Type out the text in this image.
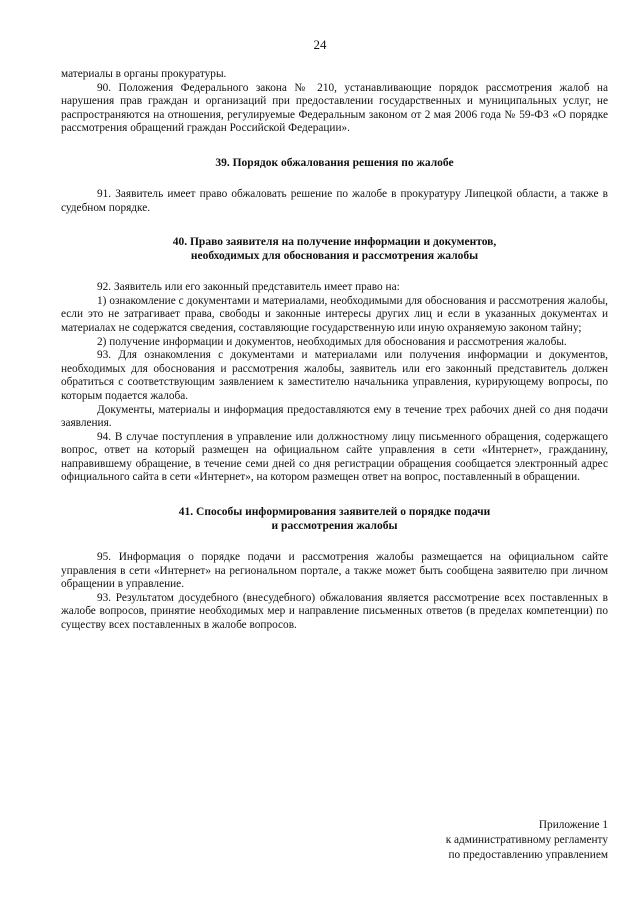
24

материалы в органы прокуратуры.

90. Положения Федерального закона № 210, устанавливающие порядок рассмотрения жалоб на нарушения прав граждан и организаций при предоставлении государственных и муниципальных услуг, не распространяются на отношения, регулируемые Федеральным законом от 2 мая 2006 года № 59-ФЗ «О порядке рассмотрения обращений граждан Российской Федерации».

39. Порядок обжалования решения по жалобе

91. Заявитель имеет право обжаловать решение по жалобе в прокуратуру Липецкой области, а также в судебном порядке.

40. Право заявителя на получение информации и документов,
необходимых для обоснования и рассмотрения жалобы

92. Заявитель или его законный представитель имеет право на:

1) ознакомление с документами и материалами, необходимыми для обоснования и рассмотрения жалобы, если это не затрагивает права, свободы и законные интересы других лиц и если в указанных документах и материалах не содержатся сведения, составляющие государственную или иную охраняемую законом тайну;

2) получение информации и документов, необходимых для обоснования и рассмотрения жалобы.

93. Для ознакомления с документами и материалами или получения информации и документов, необходимых для обоснования и рассмотрения жалобы, заявитель или его законный представитель должен обратиться с соответствующим заявлением к заместителю начальника управления, курирующему вопросы, по которым подается жалоба.

Документы, материалы и информация предоставляются ему в течение трех рабочих дней со дня подачи заявления.

94. В случае поступления в управление или должностному лицу письменного обращения, содержащего вопрос, ответ на который размещен на официальном сайте управления в сети «Интернет», гражданину, направившему обращение, в течение семи дней со дня регистрации обращения сообщается электронный адрес официального сайта в сети «Интернет», на котором размещен ответ на вопрос, поставленный в обращении.

41. Способы информирования заявителей о порядке подачи
и рассмотрения жалобы

95. Информация о порядке подачи и рассмотрения жалобы размещается на официальном сайте управления в сети «Интернет» на региональном портале, а также может быть сообщена заявителю при личном обращении в управление.

93. Результатом досудебного (внесудебного) обжалования является рассмотрение всех поставленных в жалобе вопросов, принятие необходимых мер и направление письменных ответов (в пределах компетенции) по существу всех поставленных в жалобе вопросов.

Приложение 1
к административному регламенту
по предоставлению управлением
